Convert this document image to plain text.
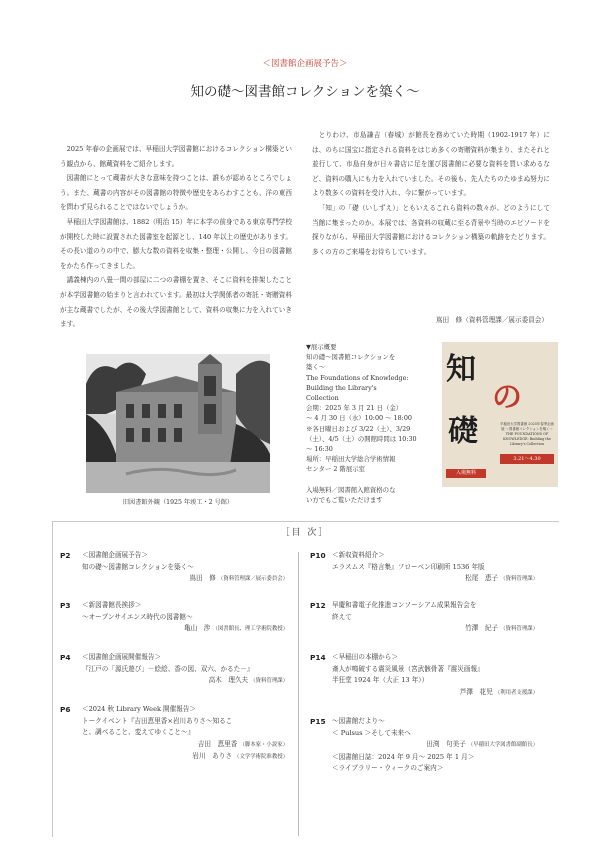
＜図書館企画展予告＞
知の礎〜図書館コレクションを築く〜

2025 年春の企画展では、早稲田大学図書館におけるコレクション構築という観点から、館蔵資料をご紹介します。

図書館にとって蔵書が大きな意味を持つことは、誰もが認めるところでしょう。また、蔵書の内容がその図書館の特徴や歴史をあらわすことも、洋の東西を問わず見られることではないでしょうか。

早稲田大学図書館は、1882（明治 15）年に本学の前身である東京専門学校が開校した時に設置された図書室を起源とし、140 年以上の歴史があります。その長い道のりの中で、膨大な数の資料を収集・整理・公開し、今日の図書館をかたち作ってきました。

講義棟内の八畳一間の部屋に二つの書棚を置き、そこに資料を排架したことが本学図書館の始まりと言われています。最初は大学関係者の寄託・寄贈資料が主な蔵書でしたが、その後大学図書館として、資料の収集に力を入れていきます。

とりわけ、市島謙吉（春城）が館長を務めていた時期（1902-1917 年）には、のちに国宝に指定される資料をはじめ多くの寄贈資料が集まり、またそれと並行して、市島自身が日々書店に足を運び図書館に必要な資料を買い求めるなど、資料の購入にも力を入れていました。その後も、先人たちのたゆまぬ努力により数多くの資料を受け入れ、今に繋がっています。

「知」の「礎（いしずえ）」ともいえるこれら資料の数々が、どのようにして当館に集まったのか。本展では、各資料の収蔵に至る背景や当時のエピソードを探りながら、早稲田大学図書館におけるコレクション構築の軌跡をたどります。多くの方のご来場をお待ちしています。

嶌田　修（資料管理課／展示委員会）
旧図書館外観（1925 年竣工・2 号館）
▼展示概要
知の礎〜図書館コレクションを
築く〜
The Foundations of Knowledge:
Building the Library's
Collection
会期：2025 年 3 月 21 日（金）
〜 4 月 30 日（水）10:00 〜 18:00
※各日曜日および 3/22（土）、3/29
（土）、4/5（土）の開館時間は 10:30
〜 16:30
場所：早稲田大学総合学術情報
センター 2 階展示室

入場無料／図書館入館資格のな
い方でもご覧いただけます
知
の
礎	早稲田大学図書館 2025年春季企画展 〜図書館コレクションを築く〜
THE FOUNDATIONS OF KNOWLEDGE: Building the Library's Collection
3.21〜4.30
入場無料
［目 次］
P2 ＜図書館企画展予告＞
知の礎〜図書館コレクションを築く〜
嶌田　修 （資料管理課／展示委員会）
P3 ＜新図書館長挨拶＞
〜オープンサイエンス時代の図書館〜
亀山　渉 （図書館長、理工学術院教授）
P4 ＜図書館企画展開催報告＞
『江戸の「源氏遊び」－絵絵、香の図、双六、かるた－』
高木　理久夫 （資料管理課）
P6 ＜2024 秋 Library Week 開催報告＞
トークイベント『吉田恵里香×岩川ありさ〜知るこ
と、調べること、変えてゆくこと〜』
吉田　恵里香 （脚本家・小説家）
岩川　ありさ （文学学術院准教授）
P10 ＜新収資料紹介＞
エラスムス『格言集』フローベン印刷所 1536 年版
松尾　恵子 （資料管理課）
P12 早慶和書電子化推進コンソーシアム成果報告会を
終えて
竹澤　紀子 （資料管理課）
P14 ＜早稲田の本棚から＞
斎人が鳴破する震災風景（宮武骸骨著『震災画報』
半狂堂 1924 年（大正 13 年））
芦澤　花児 （利用者支援課）
P15 〜図書館だより〜
＜ Pulsus ＞そして未来へ
田渕　句美子 （早稲田大学図書館副館長）
＜図書館日誌：2024 年 9 月〜 2025 年 1 月＞
＜ライブラリー・ウィークのご案内＞
